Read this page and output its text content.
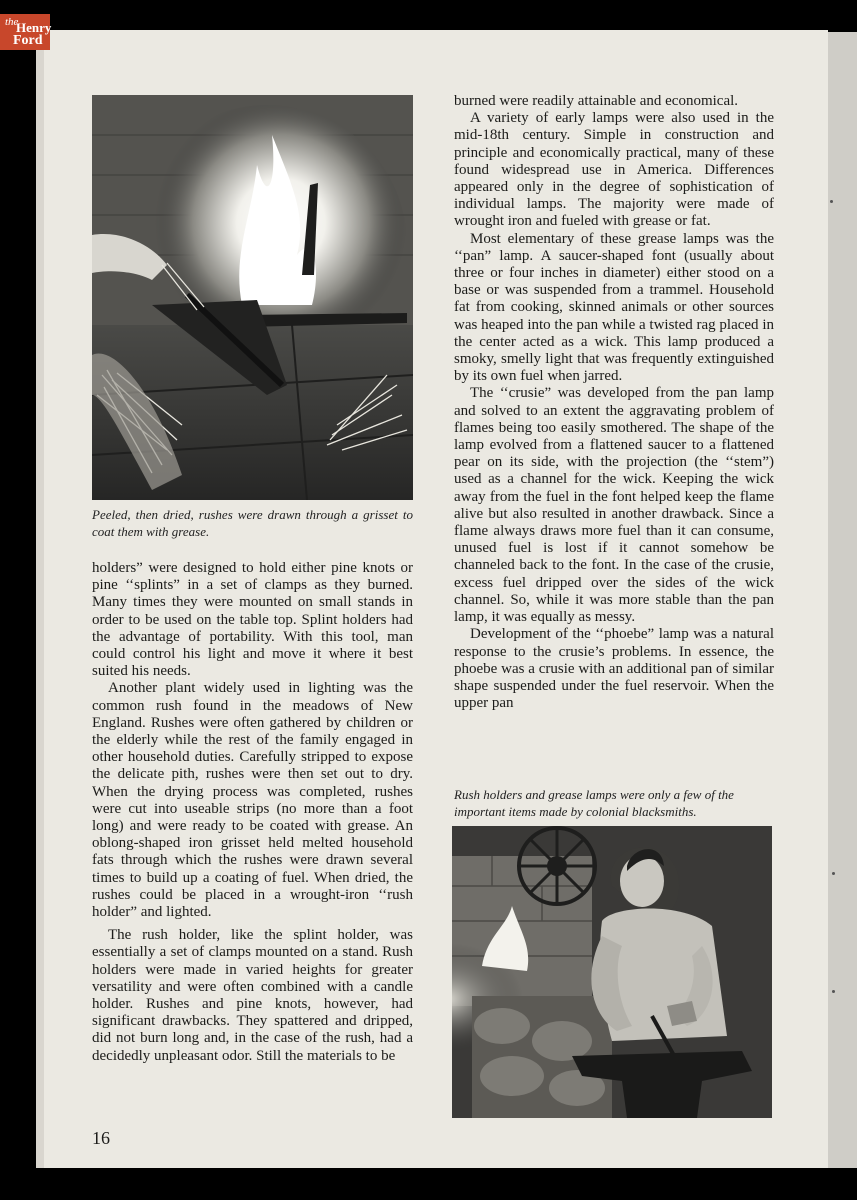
the
Henry
Ford
Peeled, then dried, rushes were drawn through a grisset to coat them with grease.

holders” were designed to hold either pine knots or pine ‘‘splints” in a set of clamps as they burned. Many times they were mounted on small stands in order to be used on the table top. Splint holders had the advantage of portability. With this tool, man could control his light and move it where it best suited his needs.

Another plant widely used in lighting was the common rush found in the meadows of New England. Rushes were often gathered by children or the elderly while the rest of the family engaged in other household duties. Carefully stripped to expose the delicate pith, rushes were then set out to dry. When the drying process was completed, rushes were cut into useable strips (no more than a foot long) and were ready to be coated with grease. An oblong-shaped iron grisset held melted household fats through which the rushes were drawn several times to build up a coating of fuel. When dried, the rushes could be placed in a wrought-iron ‘‘rush holder” and lighted.

The rush holder, like the splint holder, was essentially a set of clamps mounted on a stand. Rush holders were made in varied heights for greater versatility and were often combined with a candle holder. Rushes and pine knots, however, had significant drawbacks. They spattered and dripped, did not burn long and, in the case of the rush, had a decidedly unpleasant odor. Still the materials to be

burned were readily attainable and economical.

A variety of early lamps were also used in the mid-18th century. Simple in construction and principle and economically practical, many of these found widespread use in America. Differences appeared only in the degree of sophistication of individual lamps. The majority were made of wrought iron and fueled with grease or fat.

Most elementary of these grease lamps was the ‘‘pan” lamp. A saucer-shaped font (usually about three or four inches in diameter) either stood on a base or was suspended from a trammel. Household fat from cooking, skinned animals or other sources was heaped into the pan while a twisted rag placed in the center acted as a wick. This lamp produced a smoky, smelly light that was frequently extinguished by its own fuel when jarred.

The ‘‘crusie” was developed from the pan lamp and solved to an extent the aggravating problem of flames being too easily smothered. The shape of the lamp evolved from a flattened saucer to a flattened pear on its side, with the projection (the ‘‘stem”) used as a channel for the wick. Keeping the wick away from the fuel in the font helped keep the flame alive but also resulted in another drawback. Since a flame always draws more fuel than it can consume, unused fuel is lost if it cannot somehow be channeled back to the font. In the case of the crusie, excess fuel dripped over the sides of the wick channel. So, while it was more stable than the pan lamp, it was equally as messy.

Development of the ‘‘phoebe” lamp was a natural response to the crusie’s problems. In essence, the phoebe was a crusie with an additional pan of similar shape suspended under the fuel reservoir. When the upper pan

Rush holders and grease lamps were only a few of the important items made by colonial blacksmiths.
16
